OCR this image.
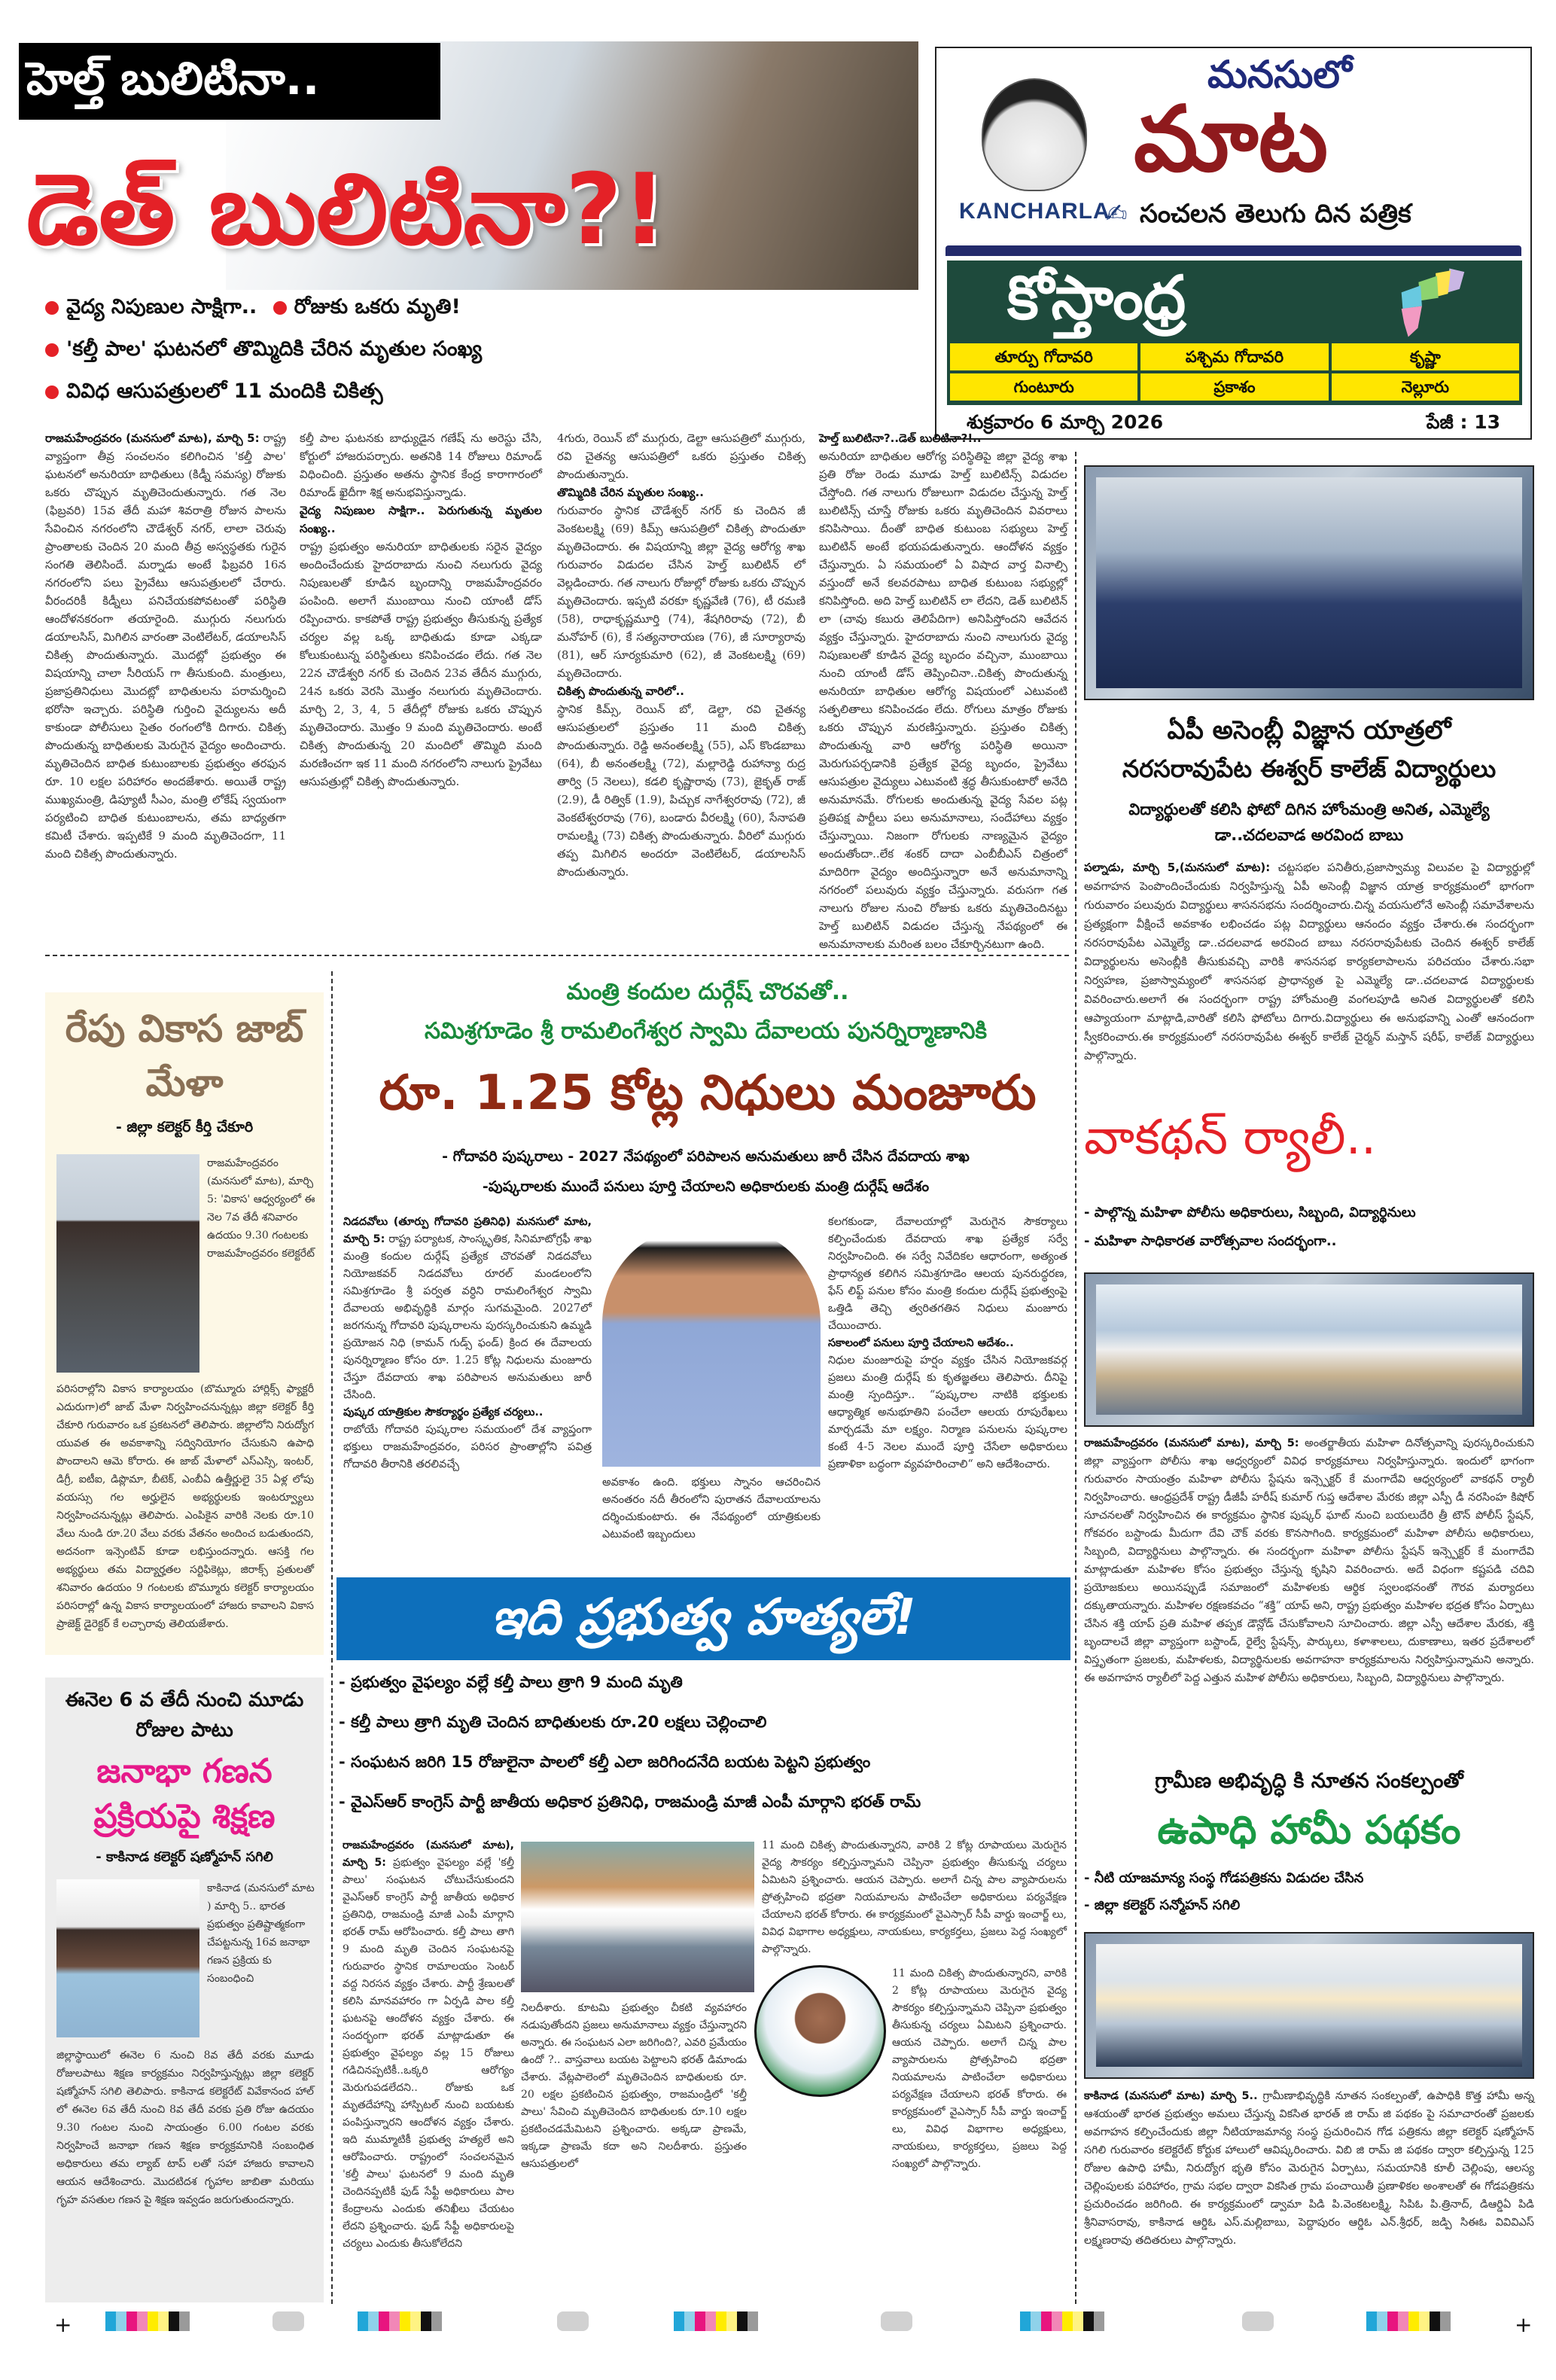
KANCHARLA
మనసులో
మాట
✍ సంచలన తెలుగు దిన పత్రిక
కోస్తాంధ్ర
తూర్పు గోదావరి	పశ్చిమ గోదావరి	కృష్ణా
గుంటూరు	ప్రకాశం	నెల్లూరు
శుక్రవారం 6 మార్చి 2026	పేజీ : 13
హెల్త్ బులిటినా..
డెత్ బులిటినా?!
వైద్య నిపుణుల సాక్షిగా.. రోజుకు ఒకరు మృతి!
'కల్తీ పాల' ఘటనలో తొమ్మిదికి చేరిన మృతుల సంఖ్య
వివిధ ఆసుపత్రులలో 11 మందికి చికిత్స
రాజమహేంద్రవరం (మనసులో మాట), మార్చి 5: రాష్ట్ర వ్యాప్తంగా తీవ్ర సంచలనం కలిగించిన 'కల్తీ పాల' ఘటనలో అనురియా బాధితులు (కిడ్నీ సమస్య) రోజుకు ఒకరు చొప్పున మృతిచెందుతున్నారు. గత నెల (ఫిబ్రవరి) 15వ తేదీ మహా శివరాత్రి రోజున పాలను సేవించిన నగరంలోని చౌడేశ్వర్ నగర్, లాలా చెరువు ప్రాంతాలకు చెందిన 20 మంది తీవ్ర అస్వస్థతకు గురైన సంగతి తెలిసిందే. మర్నాడు అంటే ఫిబ్రవరి 16న నగరంలోని పలు ప్రైవేటు ఆసుపత్రులలో చేరారు. వీరందరికీ కిడ్నీలు పనిచేయకపోవటంతో పరిస్థితి ఆందోళనకరంగా తయారైంది. ముగ్గురు నలుగురు డయాలసిస్, మిగిలిన వారంతా వెంటిలేటర్, డయాలసిస్ చికిత్స పొందుతున్నారు. మొదట్లో ప్రభుత్వం ఈ విషయాన్ని చాలా సీరియస్ గా తీసుకుంది. మంత్రులు, ప్రజాప్రతినిధులు మొదట్లో బాధితులను పరామర్శించి భరోసా ఇచ్చారు. పరిస్థితి గుర్తించి వైద్యులను అదీ కాకుండా పోలీసులు సైతం రంగంలోకి దిగారు. చికిత్స పొందుతున్న బాధితులకు మెరుగైన వైద్యం అందించారు. మృతిచెందిన బాధిత కుటుంబాలకు ప్రభుత్వం తరఫున రూ. 10 లక్షల పరిహారం అందజేశారు. అయితే రాష్ట్ర ముఖ్యమంత్రి, డిప్యూటీ సీఎం, మంత్రి లోకేష్ స్వయంగా పర్యటించి బాధిత కుటుంబాలను, తమ బాధ్యతగా కమిటీ చేశారు. ఇప్పటికే 9 మంది మృతిచెందగా, 11 మంది చికిత్స పొందుతున్నారు.
కల్తీ పాల ఘటనకు బాధ్యుడైన గణేష్ ను అరెస్టు చేసి, కోర్టులో హాజరుపర్చారు. అతనికి 14 రోజులు రిమాండ్ విధించింది. ప్రస్తుతం అతను స్థానిక కేంద్ర కారాగారంలో రిమాండ్ ఖైదీగా శిక్ష అనుభవిస్తున్నాడు.
వైద్య నిపుణుల సాక్షిగా.. పెరుగుతున్న మృతుల సంఖ్య..
రాష్ట్ర ప్రభుత్వం అనురియా బాధితులకు సరైన వైద్యం అందించేందుకు హైదరాబాదు నుంచి నలుగురు వైద్య నిపుణులతో కూడిన బృందాన్ని రాజమహేంద్రవరం పంపింది. అలాగే ముంబాయి నుంచి యాంటీ డోస్ రప్పించారు. కాకపోతే రాష్ట్ర ప్రభుత్వం తీసుకున్న ప్రత్యేక చర్యల వల్ల ఒక్క బాధితుడు కూడా ఎక్కడా కోలుకుంటున్న పరిస్థితులు కనిపించడం లేదు. గత నెల 22న చౌడేశ్వరి నగర్ కు చెందిన 23వ తేదీన ముగ్గురు, 24న ఒకరు వెరసి మొత్తం నలుగురు మృతిచెందారు. మార్చి 2, 3, 4, 5 తేదీల్లో రోజుకు ఒకరు చొప్పున మృతిచెందారు. మొత్తం 9 మంది మృతిచెందారు. అంటే చికిత్స పొందుతున్న 20 మందిలో తొమ్మిది మంది మరణించగా ఇక 11 మంది నగరంలోని నాలుగు ప్రైవేటు ఆసుపత్రుల్లో చికిత్స పొందుతున్నారు.
4గురు, రెయిన్ బో ముగ్గురు, డెల్టా ఆసుపత్రిలో ముగ్గురు, రవి చైతన్య ఆసుపత్రిలో ఒకరు ప్రస్తుతం చికిత్స పొందుతున్నారు.
తొమ్మిదికి చేరిన మృతుల సంఖ్య..
గురువారం స్థానిక చౌడేశ్వర్ నగర్ కు చెందిన జీ వెంకటలక్ష్మి (69) కిమ్స్ ఆసుపత్రిలో చికిత్స పొందుతూ మృతిచెందారు. ఈ విషయాన్ని జిల్లా వైద్య ఆరోగ్య శాఖ గురువారం విడుదల చేసిన హెల్త్ బులిటిన్ లో వెల్లడించారు. గత నాలుగు రోజుల్లో రోజుకు ఒకరు చొప్పున మృతిచెందారు. ఇప్పటి వరకూ కృష్ణవేణి (76), టీ రమణి (58), రాధాకృష్ణమూర్తి (74), శేషగిరిరావు (72), బీ మనోహర్ (6), కే సత్యనారాయణ (76), జీ సూర్యారావు (81), ఆర్ సూర్యకుమారి (62), జీ వెంకటలక్ష్మి (69) మృతిచెందారు.
చికిత్స పొందుతున్న వారిలో..
స్థానిక కిమ్స్, రెయిన్ బో, డెల్టా, రవి చైతన్య ఆసుపత్రులలో ప్రస్తుతం 11 మంది చికిత్స పొందుతున్నారు. రెడ్డి అనంతలక్ష్మి (55), ఎస్ కొండబాబు (64), బీ అనంతలక్ష్మి (72), మల్లారెడ్డి రుహాన్యా రుద్ర తార్వి (5 నెలలు), కడలి కృష్ణారావు (73), జైకృత్ రాజ్ (2.9), డీ రిత్విక్ (1.9), పిచ్చుక నాగేశ్వరరావు (72), జీ వెంకటేశ్వరరావు (76), బండారు వీరలక్ష్మి (60), సేనాపతి రామలక్ష్మి (73) చికిత్స పొందుతున్నారు. వీరిలో ముగ్గురు తప్ప మిగిలిన అందరూ వెంటిలేటర్, డయాలసిస్ పొందుతున్నారు.
హెల్త్ బులిటినా?..డెత్ బులిటినా?!..
అనురియా బాధితుల ఆరోగ్య పరిస్థితిపై జిల్లా వైద్య శాఖ ప్రతి రోజు రెండు మూడు హెల్త్ బులిటిన్స్ విడుదల చేస్తోంది. గత నాలుగు రోజులుగా విడుదల చేస్తున్న హెల్త్ బులిటిన్స్ చూస్తే రోజుకు ఒకరు మృతిచెందిన వివరాలు కనిపిసాయి. దీంతో బాధిత కుటుంబ సభ్యులు హెల్త్ బులిటిన్ అంటే భయపడుతున్నారు. ఆందోళన వ్యక్తం చేస్తున్నారు. ఏ సమయంలో ఏ విషాద వార్త వినాల్సి వస్తుందో అనే కలవరపాటు బాధిత కుటుంబ సభ్యుల్లో కనిపిస్తోంది. అది హెల్త్ బులిటిన్ లా లేదని, డెత్ బులిటిన్ లా (చావు కబురు తెలిపేదిగా) అనిపిస్తోందని ఆవేదన వ్యక్తం చేస్తున్నారు. హైదరాబాదు నుంచి నాలుగురు వైద్య నిపుణులతో కూడిన వైద్య బృందం వచ్చినా, ముంబాయి నుంచి యాంటీ డోస్ తెప్పించినా..చికిత్స పొందుతున్న అనురియా బాధితుల ఆరోగ్య విషయంలో ఎటువంటి సత్ఫలితాలు కనిపించడం లేదు. రోగులు మాత్రం రోజుకు ఒకరు చొప్పున మరణిస్తున్నారు. ప్రస్తుతం చికిత్స పొందుతున్న వారి ఆరోగ్య పరిస్థితి అయినా మెరుగుపర్చడానికి ప్రత్యేక వైద్య బృందం, ప్రైవేటు ఆసుపత్రుల వైద్యులు ఎటువంటి శ్రద్ధ తీసుకుంటారో అనేది అనుమానమే. రోగులకు అందుతున్న వైద్య సేవల పట్ల ప్రతిపక్ష పార్టీలు పలు అనుమానాలు, సందేహాలు వ్యక్తం చేస్తున్నాయి. నిజంగా రోగులకు నాణ్యమైన వైద్యం అందుతోందా..లేక శంకర్ దాదా ఎంబీబీఎస్ చిత్రంలో మాదిరిగా వైద్యం అందిస్తున్నారా అనే అనుమానాన్ని నగరంలో పలువురు వ్యక్తం చేస్తున్నారు. వరుసగా గత నాలుగు రోజుల నుంచి రోజుకు ఒకరు మృతిచెందినట్టు హెల్త్ బులిటిన్ విడుదల చేస్తున్న నేపథ్యంలో ఈ అనుమానాలకు మరింత బలం చేకూర్చినటుగా ఉంది.
రేపు వికాస జాబ్ మేళా
- జిల్లా కలెక్టర్ కీర్తి చేకూరి
రాజమహేంద్రవరం (మనసులో మాట), మార్చి 5: 'వికాస' ఆధ్వర్యంలో ఈ నెల 7వ తేదీ శనివారం ఉదయం 9.30 గంటలకు రాజమహేంద్రవరం కలెక్టరేట్
పరిసరాల్లోని వికాస కార్యాలయం (బొమ్మూరు హార్లిక్స్ ఫ్యాక్టరీ ఎదురుగా)లో జాబ్ మేళా నిర్వహించనున్నట్లు జిల్లా కలెక్టర్ కీర్తి చేకూరి గురువారం ఒక ప్రకటనలో తెలిపారు. జిల్లాలోని నిరుద్యోగ యువత ఈ అవకాశాన్ని సద్వినియోగం చేసుకుని ఉపాధి పొందాలని ఆమె కోరారు. ఈ జాబ్ మేళాలో ఎస్ఎస్సి, ఇంటర్, డిగ్రీ, ఐటీఐ, డిప్లొమా, బీటెక్, ఎంబీఏ ఉత్తీర్ణులై 35 ఏళ్ల లోపు వయస్సు గల అర్హులైన అభ్యర్థులకు ఇంటర్వ్యూలు నిర్వహించనున్నట్లు తెలిపారు. ఎంపికైన వారికి నెలకు రూ.10 వేలు నుండి రూ.20 వేలు వరకు వేతనం అందించ బడుతుందని, అదనంగా ఇన్సెంటివ్ కూడా లభిస్తుందన్నారు. ఆసక్తి గల అభ్యర్థులు తమ విద్యార్హతల సర్టిఫికెట్లు, జిరాక్స్ ప్రతులతో శనివారం ఉదయం 9 గంటలకు బొమ్మూరు కలెక్టర్ కార్యాలయం పరిసరాల్లో ఉన్న వికాస కార్యాలయంలో హాజరు కావాలని వికాస ప్రాజెక్ట్ డైరెక్టర్ కే లచ్చారావు తెలియజేశారు.
ఈనెల 6 వ తేదీ నుంచి మూడు రోజుల పాటు
జనాభా గణన ప్రక్రియపై శిక్షణ
- కాకినాడ కలెక్టర్ షణ్మోహన్ సగిలి
కాకినాడ (మనసులో మాట ) మార్చి 5.. భారత ప్రభుత్వం ప్రతిష్టాత్మకంగా చేపట్టనున్న 16వ జనాభా గణన ప్రక్రియ కు సంబంధించి
జిల్లాస్థాయిలో ఈనెల 6 నుంచి 8వ తేదీ వరకు మూడు రోజులపాటు శిక్షణ కార్యక్రమం నిర్వహిస్తున్నట్లు జిల్లా కలెక్టర్ షణ్మోహన్ సగిలి తెలిపారు. కాకినాడ కలెక్టరేట్ వివేకానంద హాల్ లో ఈనెల 6వ తేదీ నుంచి 8వ తేదీ వరకు ప్రతి రోజు ఉదయం 9.30 గంటల నుంచి సాయంత్రం 6.00 గంటల వరకు నిర్వహించే జనాభా గణన శిక్షణ కార్యక్రమానికి సంబంధిత అధికారులు తమ ల్యాబ్ టాప్ లతో సహా హాజరు కావాలని ఆయన ఆదేశించారు. మొదటిదశ గృహాల జాబితా మరియు గృహ వసతుల గణన పై శిక్షణ ఇవ్వడం జరుగుతుందన్నారు.
మంత్రి కందుల దుర్గేష్ చొరవతో..
సమిశ్రగూడెం శ్రీ రామలింగేశ్వర స్వామి దేవాలయ పునర్నిర్మాణానికి
రూ. 1.25 కోట్ల నిధులు మంజూరు
- గోదావరి పుష్కరాలు - 2027 నేపథ్యంలో పరిపాలన అనుమతులు జారీ చేసిన దేవదాయ శాఖ
-పుష్కరాలకు ముందే పనులు పూర్తి చేయాలని అధికారులకు మంత్రి దుర్గేష్ ఆదేశం
నిడదవోలు (తూర్పు గోదావరి ప్రతినిధి) మనసులో మాట, మార్చి 5: రాష్ట్ర పర్యాటక, సాంస్కృతిక, సినిమాటోగ్రఫీ శాఖ మంత్రి కందుల దుర్గేష్ ప్రత్యేక చొరవతో నిడదవోలు నియోజకవర్ నిడదవోలు రూరల్ మండలంలోని సమిశ్రగూడెం శ్రీ పర్వత వర్ధిని రామలింగేశ్వర స్వామి దేవాలయ అభివృద్ధికి మార్గం సుగమమైంది. 2027లో జరగనున్న గోదావరి పుష్కరాలను పురస్కరించుకుని ఉమ్మడి ప్రయోజన నిధి (కామన్ గుడ్స్ ఫండ్) క్రింద ఈ దేవాలయ పునర్నిర్మాణం కోసం రూ. 1.25 కోట్ల నిధులను మంజూరు చేస్తూ దేవదాయ శాఖ పరిపాలన అనుమతులు జారీ చేసింది.
పుష్కర యాత్రికుల సౌకర్యార్థం ప్రత్యేక చర్యలు..
రాబోయే గోదావరి పుష్కరాల సమయంలో దేశ వ్యాప్తంగా భక్తులు రాజమహేంద్రవరం, పరిసర ప్రాంతాల్లోని పవిత్ర గోదావరి తీరానికి తరలివచ్చే
అవకాశం ఉంది. భక్తులు స్నానం ఆచరించిన అనంతరం నదీ తీరంలోని పురాతన దేవాలయాలను దర్శించుకుంటారు. ఈ నేపథ్యంలో యాత్రికులకు ఎటువంటి ఇబ్బందులు
కలగకుండా, దేవాలయాల్లో మెరుగైన సౌకర్యాలు కల్పించేందుకు దేవదాయ శాఖ ప్రత్యేక సర్వే నిర్వహించింది. ఈ సర్వే నివేదికల ఆధారంగా, అత్యంత ప్రాధాన్యత కలిగిన సమిశ్రగూడెం ఆలయ పునరుద్ధరణ, ఫేస్ లిఫ్ట్ పనుల కోసం మంత్రి కందుల దుర్గేష్ ప్రభుత్వంపై ఒత్తిడి తెచ్చి త్వరితగతిన నిధులు మంజూరు చేయించారు.
సకాలంలో పనులు పూర్తి చేయాలని ఆదేశం..
నిధుల మంజూరుపై హర్షం వ్యక్తం చేసిన నియోజకవర్గ ప్రజలు మంత్రి దుర్గేష్ కు కృతజ్ఞతలు తెలిపారు. దీనిపై మంత్రి స్పందిస్తూ.. “పుష్కరాల నాటికి భక్తులకు ఆధ్యాత్మిక అనుభూతిని పంచేలా ఆలయ రూపురేఖలు మార్చడమే మా లక్ష్యం. నిర్మాణ పనులను పుష్కరాల కంటే 4-5 నెలల ముందే పూర్తి చేసేలా అధికారులు ప్రణాళికా బద్ధంగా వ్యవహరించాలి“ అని ఆదేశించారు.
ఇది ప్రభుత్వ హత్యలే!
- ప్రభుత్వం వైఫల్యం వల్లే కల్తీ పాలు త్రాగి 9 మంది మృతి
- కల్తీ పాలు త్రాగి మృతి చెందిన బాధితులకు రూ.20 లక్షలు చెల్లించాలి
- సంఘటన జరిగి 15 రోజులైనా పాలలో కల్తీ ఎలా జరిగిందనేది బయట పెట్టని ప్రభుత్వం
- వైఎస్ఆర్ కాంగ్రెస్ పార్టీ జాతీయ అధికార ప్రతినిధి, రాజమండ్రి మాజీ ఎంపీ మార్గాని భరత్ రామ్
రాజమహేంద్రవరం (మనసులో మాట), మార్చి 5: ప్రభుత్వం వైఫల్యం వల్లే 'కల్తీ పాలు' సంఘటన చోటుచేసుకుందని వైఎస్ఆర్ కాంగ్రెస్ పార్టీ జాతీయ అధికార ప్రతినిధి, రాజమండ్రి మాజీ ఎంపీ మార్గాని భరత్ రామ్ ఆరోపించారు. కల్తీ పాలు తాగి 9 మంది మృతి చెందిన సంఘటనపై గురువారం స్థానిక రామాలయం సెంటర్ వద్ద నిరసన వ్యక్తం చేశారు. పార్టీ శ్రేణులతో కలిసి మానవహారం గా ఏర్పడి పాల కల్తీ ఘటనపై ఆందోళన వ్యక్తం చేశారు. ఈ సందర్భంగా భరత్ మాట్లాడుతూ ఈ ప్రభుత్వం వైఫల్యం వల్ల 15 రోజులు గడిచినప్పటికీ..ఒక్కరి ఆరోగ్యం మెరుగుపడలేదని.. రోజుకు ఒక మృతదేహాన్ని హాస్పిటల్ నుంచి బయటకు పంపిస్తున్నారని ఆందోళన వ్యక్తం చేశారు. ఇది ముమ్మాటికీ ప్రభుత్వ హత్యలే అని ఆరోపించారు. రాష్ట్రంలో సంచలనమైన 'కల్తీ పాలు' ఘటనలో 9 మంది మృతి చెందినప్పటికీ ఫుడ్ సేఫ్టీ అధికారులు పాల కేంద్రాలను ఎందుకు తనిఖీలు చేయటం లేదని ప్రశ్నించారు. ఫుడ్ సేఫ్టీ అధికారులపై చర్యలు ఎందుకు తీసుకోలేదని
నిలదీశారు. కూటమి ప్రభుత్వం చీకటి వ్యవహారం నడుపుతోందని ప్రజలు అనుమానాలు వ్యక్తం చేస్తున్నారని అన్నారు. ఈ సంఘటన ఎలా జరిగింది?, ఎవరి ప్రమేయం ఉందో ?.. వాస్తవాలు బయట పెట్టాలని భరత్ డిమాండు చేశారు. వేట్లపాలెంలో మృతిచెందిన బాధితులకు రూ. 20 లక్షల ప్రకటించిన ప్రభుత్వం, రాజమండ్రిలో 'కల్తీ పాలు' సేవించి మృతిచెందిన బాధితులకు రూ.10 లక్షల ప్రకటించడమేమిటని ప్రశ్నించారు. అక్కడా ప్రాణమే, ఇక్కడా ప్రాణమే కదా అని నిలదీశారు. ప్రస్తుతం ఆసుపత్రులలో
11 మంది చికిత్స పొందుతున్నారని, వారికి 2 కోట్ల రూపాయలు మెరుగైన వైద్య సౌకర్యం కల్పిస్తున్నామని చెప్పినా ప్రభుత్వం తీసుకున్న చర్యలు ఏమిటని ప్రశ్నించారు. ఆయన చెప్పారు. అలాగే చిన్న పాల వ్యాపారులను ప్రోత్సహించి భద్రతా నియమాలను పాటించేలా అధికారులు పర్యవేక్షణ చేయాలని భరత్ కోరారు. ఈ కార్యక్రమంలో వైఎస్సార్ సీపీ వార్డు ఇంచార్జ్ లు, వివిధ విభాగాల అధ్యక్షులు, నాయకులు, కార్యకర్తలు, ప్రజలు పెద్ద సంఖ్యలో పాల్గొన్నారు.
11 మంది చికిత్స పొందుతున్నారని, వారికి 2 కోట్ల రూపాయలు మెరుగైన వైద్య సౌకర్యం కల్పిస్తున్నామని చెప్పినా ప్రభుత్వం తీసుకున్న చర్యలు ఏమిటని ప్రశ్నించారు. ఆయన చెప్పారు. అలాగే చిన్న పాల వ్యాపారులను ప్రోత్సహించి భద్రతా నియమాలను పాటించేలా అధికారులు పర్యవేక్షణ చేయాలని భరత్ కోరారు. ఈ కార్యక్రమంలో వైఎస్సార్ సీపీ వార్డు ఇంచార్జ్ లు, వివిధ విభాగాల అధ్యక్షులు, నాయకులు, కార్యకర్తలు, ప్రజలు పెద్ద సంఖ్యలో పాల్గొన్నారు.
ఏపీ అసెంబ్లీ విజ్ఞాన యాత్రలో
నరసరావుపేట ఈశ్వర్ కాలేజ్ విద్యార్థులు
విద్యార్థులతో కలిసి ఫోటో దిగిన హోంమంత్రి అనిత, ఎమ్మెల్యే డా..చదలవాడ అరవింద బాబు
పల్నాడు, మార్చి 5,(మనసులో మాట): చట్టసభల పనితీరు,ప్రజాస్వామ్య విలువల పై విద్యార్థుల్లో అవగాహన పెంపొందించేందుకు నిర్వహిస్తున్న ఏపీ అసెంబ్లీ విజ్ఞాన యాత్ర కార్యక్రమంలో భాగంగా గురువారం పలువురు విద్యార్థులు శాసనసభను సందర్శించారు.చిన్న వయసులోనే అసెంబ్లీ సమావేశాలను ప్రత్యక్షంగా వీక్షించే అవకాశం లభించడం పట్ల విద్యార్థులు ఆనందం వ్యక్తం చేశారు.ఈ సందర్భంగా నరసరావుపేట ఎమ్మెల్యే డా..చదలవాడ అరవింద బాబు నరసరావుపేటకు చెందిన ఈశ్వర్ కాలేజ్ విద్యార్థులను అసెంబ్లీకి తీసుకువచ్చి వారికి శాసనసభ కార్యకలాపాలను పరిచయం చేశారు.సభా నిర్వహణ, ప్రజాస్వామ్యంలో శాసనసభ ప్రాధాన్యత పై ఎమ్మెల్యే డా..చదలవాడ విద్యార్థులకు వివరించారు.అలాగే ఈ సందర్భంగా రాష్ట్ర హోంమంత్రి వంగలపూడి అనిత విద్యార్థులతో కలిసి ఆప్యాయంగా మాట్లాడి,వారితో కలిసి ఫోటోలు దిగారు.విద్యార్థులు ఈ అనుభవాన్ని ఎంతో ఆనందంగా స్వీకరించారు.ఈ కార్యక్రమంలో నరసరావుపేట ఈశ్వర్ కాలేజ్ చైర్మన్ మస్తాన్ షరీఫ్, కాలేజ్ విద్యార్థులు పాల్గొన్నారు.
వాకథన్ ర్యాలీ..
- పాల్గొన్న మహిళా పోలీసు అధికారులు, సిబ్బంది, విద్యార్థినులు
- మహిళా సాధికారత వారోత్సవాల సందర్భంగా..
రాజమహేంద్రవరం (మనసులో మాట), మార్చి 5: అంతర్జాతీయ మహిళా దినోత్సవాన్ని పురస్కరించుకుని జిల్లా వ్యాప్తంగా పోలీసు శాఖ ఆధ్వర్యంలో వివిధ కార్యక్రమాలు నిర్వహిస్తున్నారు. ఇందులో భాగంగా గురువారం సాయంత్రం మహిళా పోలీసు స్టేషను ఇన్స్పెక్టర్ కే మంగాదేవి ఆధ్వర్యంలో వాకథన్ ర్యాలీ నిర్వహించారు. ఆంధ్రప్రదేశ్ రాష్ట్ర డీజీపీ హరీష్ కుమార్ గుప్త ఆదేశాల మేరకు జిల్లా ఎస్పీ డీ నరసింహ కిషోర్ సూచనలతో నిర్వహించిన ఈ కార్యక్రమం స్థానిక పుష్కర్ ఘాట్ నుంచి బయలుదేరి త్రీ టౌన్ పోలీస్ స్టేషన్, గోకవరం బస్టాండు మీదుగా దేవి చౌక్ వరకు కొనసాగింది. కార్యక్రమంలో మహిళా పోలీసు అధికారులు, సిబ్బంది, విద్యార్థినులు పాల్గొన్నారు. ఈ సందర్భంగా మహిళా పోలీసు స్టేషన్ ఇన్స్పెక్టర్ కే మంగాదేవి మాట్లాడుతూ మహిళల కోసం ప్రభుత్వం చేస్తున్న కృషిని వివరించారు. అదే విధంగా కష్టపడి చదివి ప్రయోజకులు అయినప్పుడే సమాజంలో మహిళలకు ఆర్థిక స్వలంభనంతో గౌరవ మర్యాదలు దక్కుతాయన్నారు. మహిళల రక్షణకవచం “శక్తి“ యాప్ అని, రాష్ట్ర ప్రభుత్వం మహిళల భద్రత కోసం ఏర్పాటు చేసిన శక్తి యాప్ ప్రతి మహిళ తప్పక డౌన్లోడ్ చేసుకోవాలని సూచించారు. జిల్లా ఎస్పీ ఆదేశాల మేరకు, శక్తి బృందాలచే జిల్లా వ్యాప్తంగా బస్టాండ్, రైల్వే స్టేషన్స్, పార్కులు, కళాశాలలు, దుకాణాలు, ఇతర ప్రదేశాలలో విస్తృతంగా ప్రజలకు, మహిళలకు, విద్యార్థినులకు అవగాహనా కార్యక్రమాలను నిర్వహిస్తున్నామని అన్నారు. ఈ అవగాహన ర్యాలీలో పెద్ద ఎత్తున మహిళ పోలీసు అధికారులు, సిబ్బంది, విద్యార్థినులు పాల్గొన్నారు.
గ్రామీణ అభివృద్ధి కి నూతన సంకల్పంతో
ఉపాధి హామీ పథకం
- నీటి యాజమాన్య సంస్థ గోడపత్రికను విడుదల చేసిన
- జిల్లా కలెక్టర్ సన్మోహన్ సగిలి
కాకినాడ (మనసులో మాట) మార్చి 5.. గ్రామీణాభివృద్ధికి నూతన సంకల్పంతో, ఉపాధికి కొత్త హామీ అన్న ఆశయంతో భారత ప్రభుత్వం అమలు చేస్తున్న వికసిత భారత్ జి రామ్ జి పథకం పై సమాచారంతో ప్రజలకు అవగాహన కల్పించేందుకు జిల్లా నీటియాజమాన్య సంస్థ ప్రచురించిన గోడ పత్రికను జిల్లా కలెక్టర్ షణ్మోహన్ సగిలి గురువారం కలెక్టరేట్ కోర్టుక హాలులో ఆవిష్కరించారు. విబి జి రామ్ జి పథకం ద్వారా కల్పిస్తున్న 125 రోజుల ఉపాధి హామీ, నిరుద్యోగ భృతి కోసం మెరుగైన ఏర్పాటు, సమయానికి కూలీ చెల్లింపు, ఆలస్య చెల్లింపులకు పరిహారం, గ్రామ సభల ద్వారా వికసిత గ్రామ పంచాయితీ ప్రణాళికల అంశాలతో ఈ గోడపత్రికను ప్రచురించడం జరిగింది. ఈ కార్యక్రమంలో డ్వామా పిడి పి.వెంకటలక్ష్మి, సిపిఓ పి.త్రినాద్, డిఆర్డిఏ పిడి శ్రీనివాసరావు, కాకినాడ ఆర్డిఓ ఎస్.మల్లిబాబు, పెద్దాపురం ఆర్డిఓ ఎన్.శ్రీధర్, జడ్పి సిఈఓ వివివిఎస్ లక్ష్మణరావు తదితరులు పాల్గొన్నారు.
+	+
